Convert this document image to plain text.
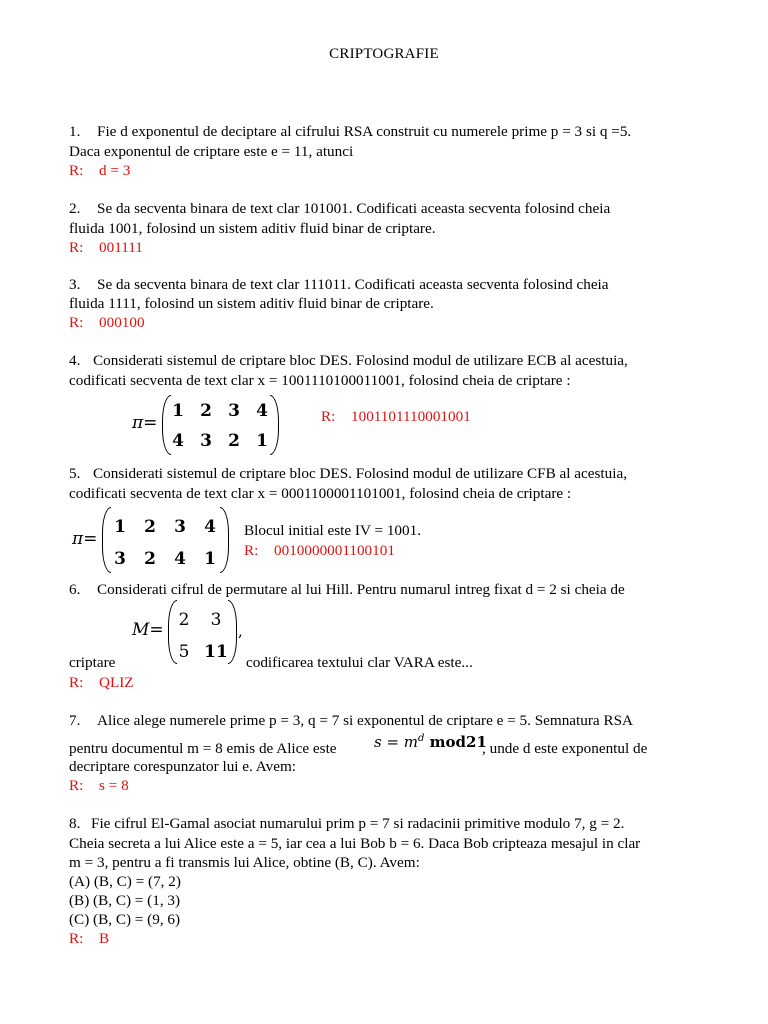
CRIPTOGRAFIE
1. Fie d exponentul de deciptare al cifrului RSA construit cu numerele prime p = 3 si q =5.
Daca exponentul de criptare este e = 11, atunci
R: d = 3
2. Se da secventa binara de text clar 101001. Codificati aceasta secventa folosind cheia
fluida 1001, folosind un sistem aditiv fluid binar de criptare.
R: 001111
3. Se da secventa binara de text clar 111011. Codificati aceasta secventa folosind cheia
fluida 1111, folosind un sistem aditiv fluid binar de criptare.
R: 000100
4. Considerati sistemul de criptare bloc DES. Folosind modul de utilizare ECB al acestuia,
codificati secventa de text clar x = 1001110100011001, folosind cheia de criptare :
π=
1 2 3 4
4 3 2 1
R: 1001101110001001
5. Considerati sistemul de criptare bloc DES. Folosind modul de utilizare CFB al acestuia,
codificati secventa de text clar x = 0001100001101001, folosind cheia de criptare :
π=
1	2	3	4
3	2	4	1
Blocul initial este IV = 1001.
R: 0010000001100101
6. Considerati cifrul de permutare al lui Hill. Pentru numarul intreg fixat d = 2 si cheia de
M= 2	3
5 11
,
criptare	codificarea textului clar VARA este...
R: QLIZ
7. Alice alege numerele prime p = 3, q = 7 si exponentul de criptare e = 5. Semnatura RSA
pentru documentul m = 8 emis de Alice este $s = m^d$ mod21
, unde d este exponentul de
decriptare corespunzator lui e. Avem:
R: s = 8
8. Fie cifrul El-Gamal asociat numarului prim p = 7 si radacinii primitive modulo 7, g = 2.
Cheia secreta a lui Alice este a = 5, iar cea a lui Bob b = 6. Daca Bob cripteaza mesajul in clar
m = 3, pentru a fi transmis lui Alice, obtine (B, C). Avem:
(A) (B, C) = (7, 2)
(B) (B, C) = (1, 3)
(C) (B, C) = (9, 6)
R: B
